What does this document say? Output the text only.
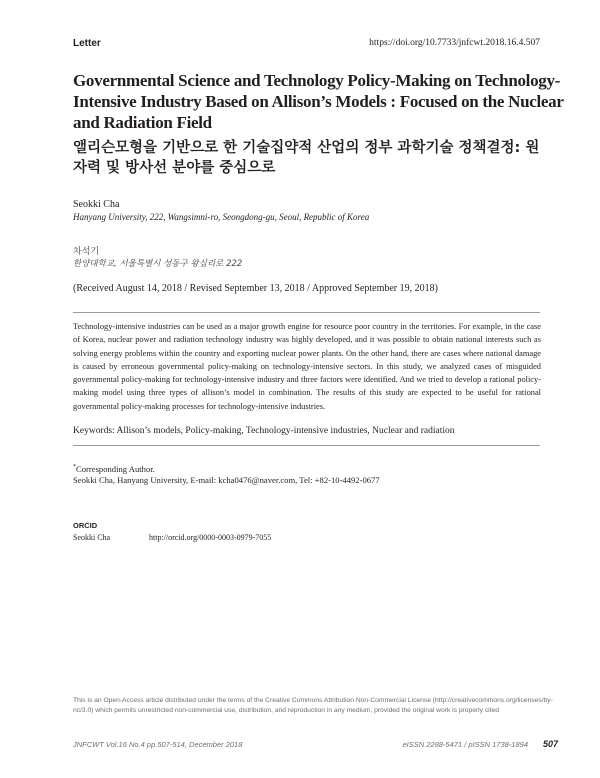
Letter	https://doi.org/10.7733/jnfcwt.2018.16.4.507
Governmental Science and Technology Policy-Making on Technology-Intensive Industry Based on Allison’s Models : Focused on the Nuclear and Radiation Field
앨리슨모형을 기반으로 한 기술집약적 산업의 정부 과학기술 정책결정: 원자력 및 방사선 분야를 중심으로
Seokki Cha
Hanyang University, 222, Wangsimni-ro, Seongdong-gu, Seoul, Republic of Korea
차석기
한양대학교, 서울특별시 성동구 왕십리로 222
(Received August 14, 2018 / Revised September 13, 2018 / Approved September 19, 2018)

Technology-intensive industries can be used as a major growth engine for resource poor country in the territories. For example, in the case of Korea, nuclear power and radiation technology industry was highly developed, and it was possible to obtain national interests such as solving energy problems within the country and exporting nuclear power plants. On the other hand, there are cases where national damage is caused by erroneous governmental policy-making on technology-intensive sectors. In this study, we analyzed cases of misguided governmental policy-making for technology-intensive industry and three factors were identified. And we tried to develop a rational policy-making model using three types of allison’s model in combination. The results of this study are expected to be useful for rational governmental policy-making processes for technology-intensive industries.

Keywords: Allison’s models, Policy-making, Technology-intensive industries, Nuclear and radiation
*Corresponding Author.
Seokki Cha, Hanyang University, E-mail: kcha0476@naver.com, Tel: +82-10-4492-0677
ORCID
Seokki Cha	http://orcid.org/0000-0003-0979-7055
This is an Open-Access article distributed under the terms of the Creative Commons Attribution Non-Commercial License (http://creativecommons.org/licenses/by-nc/3.0) which permits unrestricted non-commercial use, distribution, and reproduction in any medium, provided the original work is properly cited
JNFCWT Vol.16 No.4 pp.507-514, December 2018	eISSN 2288-5471 / pISSN 1738-1894 507
